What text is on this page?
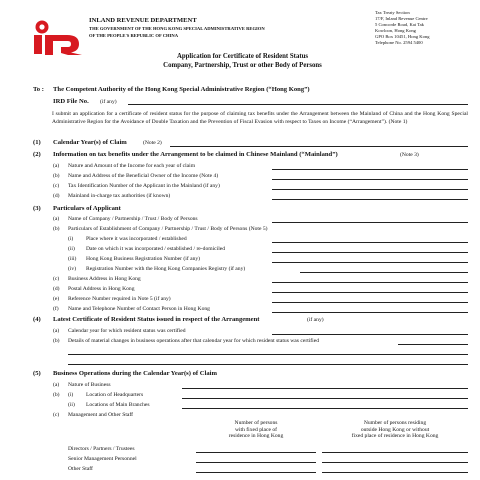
INLAND REVENUE DEPARTMENT
THE GOVERNMENT OF THE HONG KONG SPECIAL ADMINISTRATIVE REGION
OF THE PEOPLE'S REPUBLIC OF CHINA
Application for Certificate of Resident Status
Company, Partnership, Trust or other Body of Persons
Tax Treaty Section
17/F, Inland Revenue Centre
5 Concorde Road, Kai Tak
Kowloon, Hong Kong
GPO Box 10451, Hong Kong
Telephone No. 2594 5400
To : The Competent Authority of the Hong Kong Special Administrative Region (“Hong Kong”)
IRD File No. (if any)
I submit an application for a certificate of resident status for the purpose of claiming tax benefits under the Arrangement between the Mainland of China and the Hong Kong Special Administrative Region for the Avoidance of Double Taxation and the Prevention of Fiscal Evasion with respect to Taxes on Income (“Arrangement”). (Note 1)
(1) Calendar Year(s) of Claim	(Note 2)
(2) Information on tax benefits under the Arrangement to be claimed in Chinese Mainland (“Mainland”)	(Note 3)
(a) Nature and Amount of the Income for each year of claim
(b) Name and Address of the Beneficial Owner of the Income (Note 4)
(c) Tax Identification Number of the Applicant in the Mainland (if any)
(d) Mainland in-charge tax authorities (if known)
(3) Particulars of Applicant
(a) Name of Company / Partnership / Trust / Body of Persons
(b) Particulars of Establishment of Company / Partnership / Trust / Body of Persons (Note 5)
(i) Place where it was incorporated / established
(ii) Date on which it was incorporated / established / re-domiciled
(iii) Hong Kong Business Registration Number (if any)
(iv) Registration Number with the Hong Kong Companies Registry (if any)
(c) Business Address in Hong Kong
(d) Postal Address in Hong Kong
(e) Reference Number required in Note 5 (if any)
(f) Name and Telephone Number of Contact Person in Hong Kong
(4) Latest Certificate of Resident Status issued in respect of the Arrangement	(if any)
(a) Calendar year for which resident status was certified
(b) Details of material changes in business operations after that calendar year for which resident status was certified
(5) Business Operations during the Calendar Year(s) of Claim
(a) Nature of Business
(b) (i) Location of Headquarters
(ii) Locations of Main Branches
(c) Management and Other Staff
Number of persons
with fixed place of
residence in Hong Kong
Number of persons residing
outside Hong Kong or without
fixed place of residence in Hong Kong
Directors / Partners / Trustees
Senior Management Personnel
Other Staff
